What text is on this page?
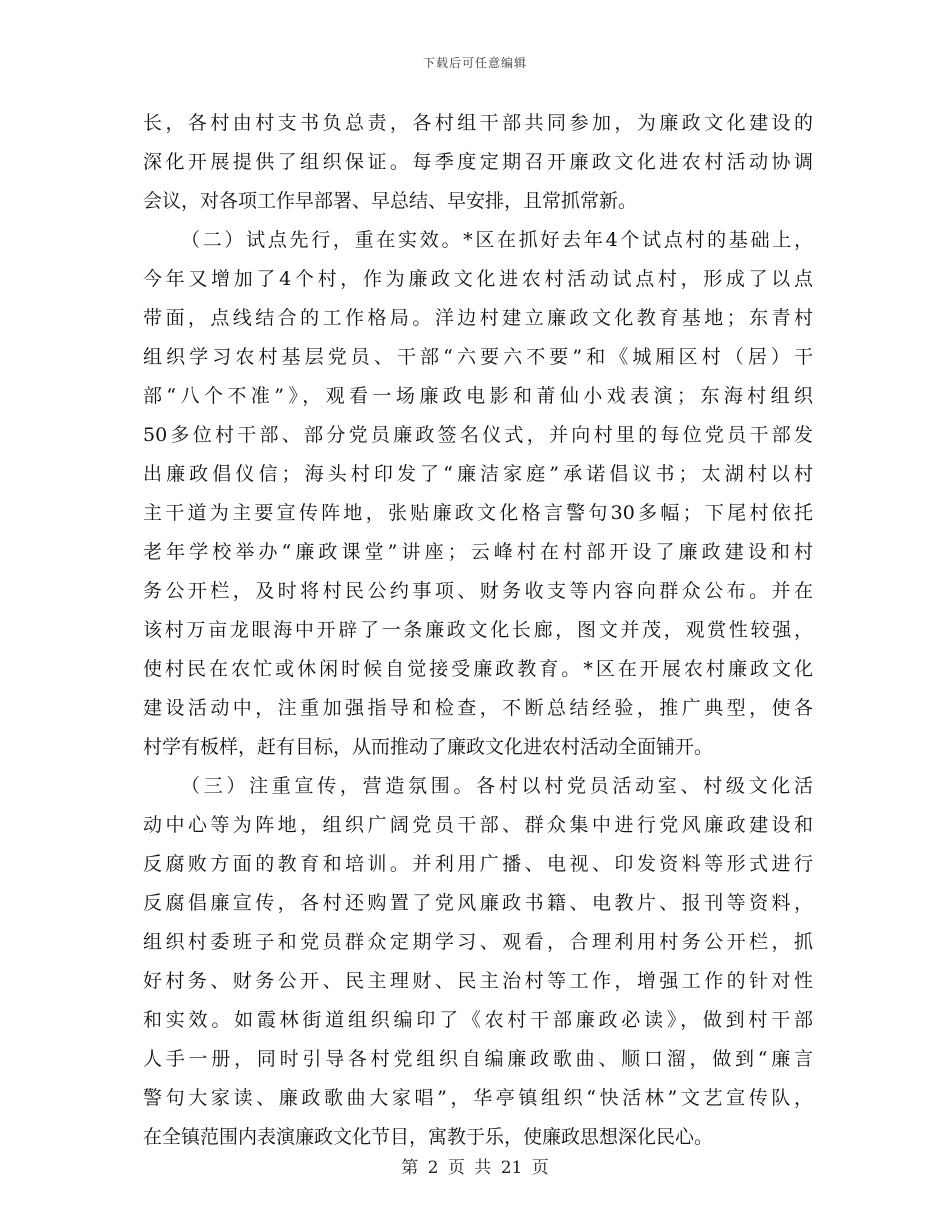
下载后可任意编辑
长，各村由村支书负总责，各村组干部共同参加，为廉政文化建设的
深化开展提供了组织保证。每季度定期召开廉政文化进农村活动协调
会议，对各项工作早部署、早总结、早安排，且常抓常新。
（二）试点先行，重在实效。*区在抓好去年4个试点村的基础上，
今年又增加了4个村，作为廉政文化进农村活动试点村，形成了以点
带面，点线结合的工作格局。洋边村建立廉政文化教育基地；东青村
组织学习农村基层党员、干部“六要六不要”和《城厢区村（居）干
部“八个不准”》，观看一场廉政电影和莆仙小戏表演；东海村组织
50多位村干部、部分党员廉政签名仪式，并向村里的每位党员干部发
出廉政倡仪信；海头村印发了“廉洁家庭”承诺倡议书；太湖村以村
主干道为主要宣传阵地，张贴廉政文化格言警句30多幅；下尾村依托
老年学校举办“廉政课堂”讲座；云峰村在村部开设了廉政建设和村
务公开栏，及时将村民公约事项、财务收支等内容向群众公布。并在
该村万亩龙眼海中开辟了一条廉政文化长廊，图文并茂，观赏性较强，
使村民在农忙或休闲时候自觉接受廉政教育。*区在开展农村廉政文化
建设活动中，注重加强指导和检查，不断总结经验，推广典型，使各
村学有板样，赶有目标，从而推动了廉政文化进农村活动全面铺开。
（三）注重宣传，营造氛围。各村以村党员活动室、村级文化活
动中心等为阵地，组织广阔党员干部、群众集中进行党风廉政建设和
反腐败方面的教育和培训。并利用广播、电视、印发资料等形式进行
反腐倡廉宣传，各村还购置了党风廉政书籍、电教片、报刊等资料，
组织村委班子和党员群众定期学习、观看，合理利用村务公开栏，抓
好村务、财务公开、民主理财、民主治村等工作，增强工作的针对性
和实效。如霞林街道组织编印了《农村干部廉政必读》，做到村干部
人手一册，同时引导各村党组织自编廉政歌曲、顺口溜，做到“廉言
警句大家读、廉政歌曲大家唱”，华亭镇组织“快活林”文艺宣传队，
在全镇范围内表演廉政文化节目，寓教于乐，使廉政思想深化民心。
第 2 页 共 21 页
